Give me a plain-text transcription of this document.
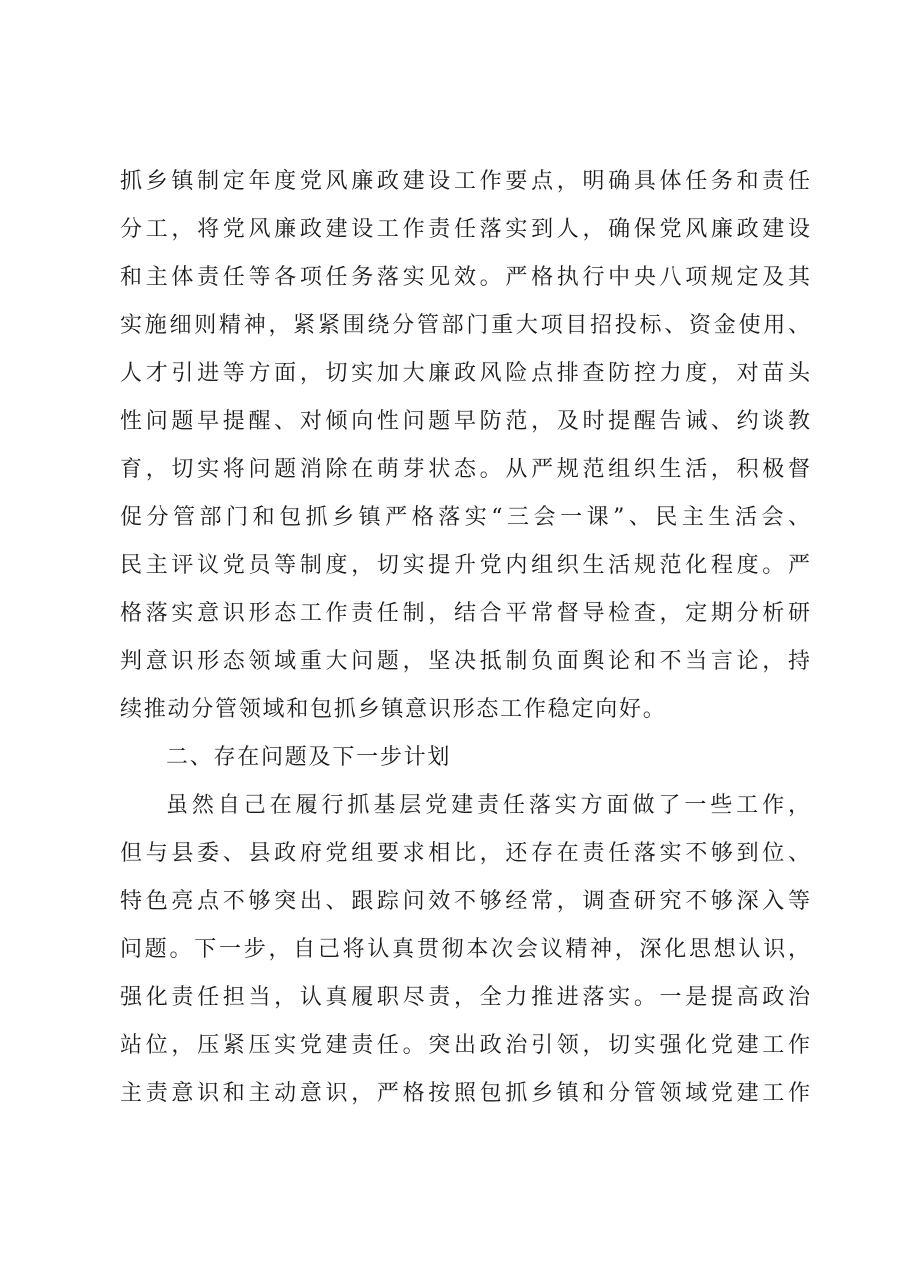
抓乡镇制定年度党风廉政建设工作要点，明确具体任务和责任
分工，将党风廉政建设工作责任落实到人，确保党风廉政建设
和主体责任等各项任务落实见效。严格执行中央八项规定及其
实施细则精神，紧紧围绕分管部门重大项目招投标、资金使用、
人才引进等方面，切实加大廉政风险点排查防控力度，对苗头
性问题早提醒、对倾向性问题早防范，及时提醒告诫、约谈教
育，切实将问题消除在萌芽状态。从严规范组织生活，积极督
促分管部门和包抓乡镇严格落实“三会一课”、民主生活会、
民主评议党员等制度，切实提升党内组织生活规范化程度。严
格落实意识形态工作责任制，结合平常督导检查，定期分析研
判意识形态领域重大问题，坚决抵制负面舆论和不当言论，持
续推动分管领域和包抓乡镇意识形态工作稳定向好。
二、存在问题及下一步计划
虽然自己在履行抓基层党建责任落实方面做了一些工作，
但与县委、县政府党组要求相比，还存在责任落实不够到位、
特色亮点不够突出、跟踪问效不够经常，调查研究不够深入等
问题。下一步，自己将认真贯彻本次会议精神，深化思想认识，
强化责任担当，认真履职尽责，全力推进落实。一是提高政治
站位，压紧压实党建责任。突出政治引领，切实强化党建工作
主责意识和主动意识，严格按照包抓乡镇和分管领域党建工作
